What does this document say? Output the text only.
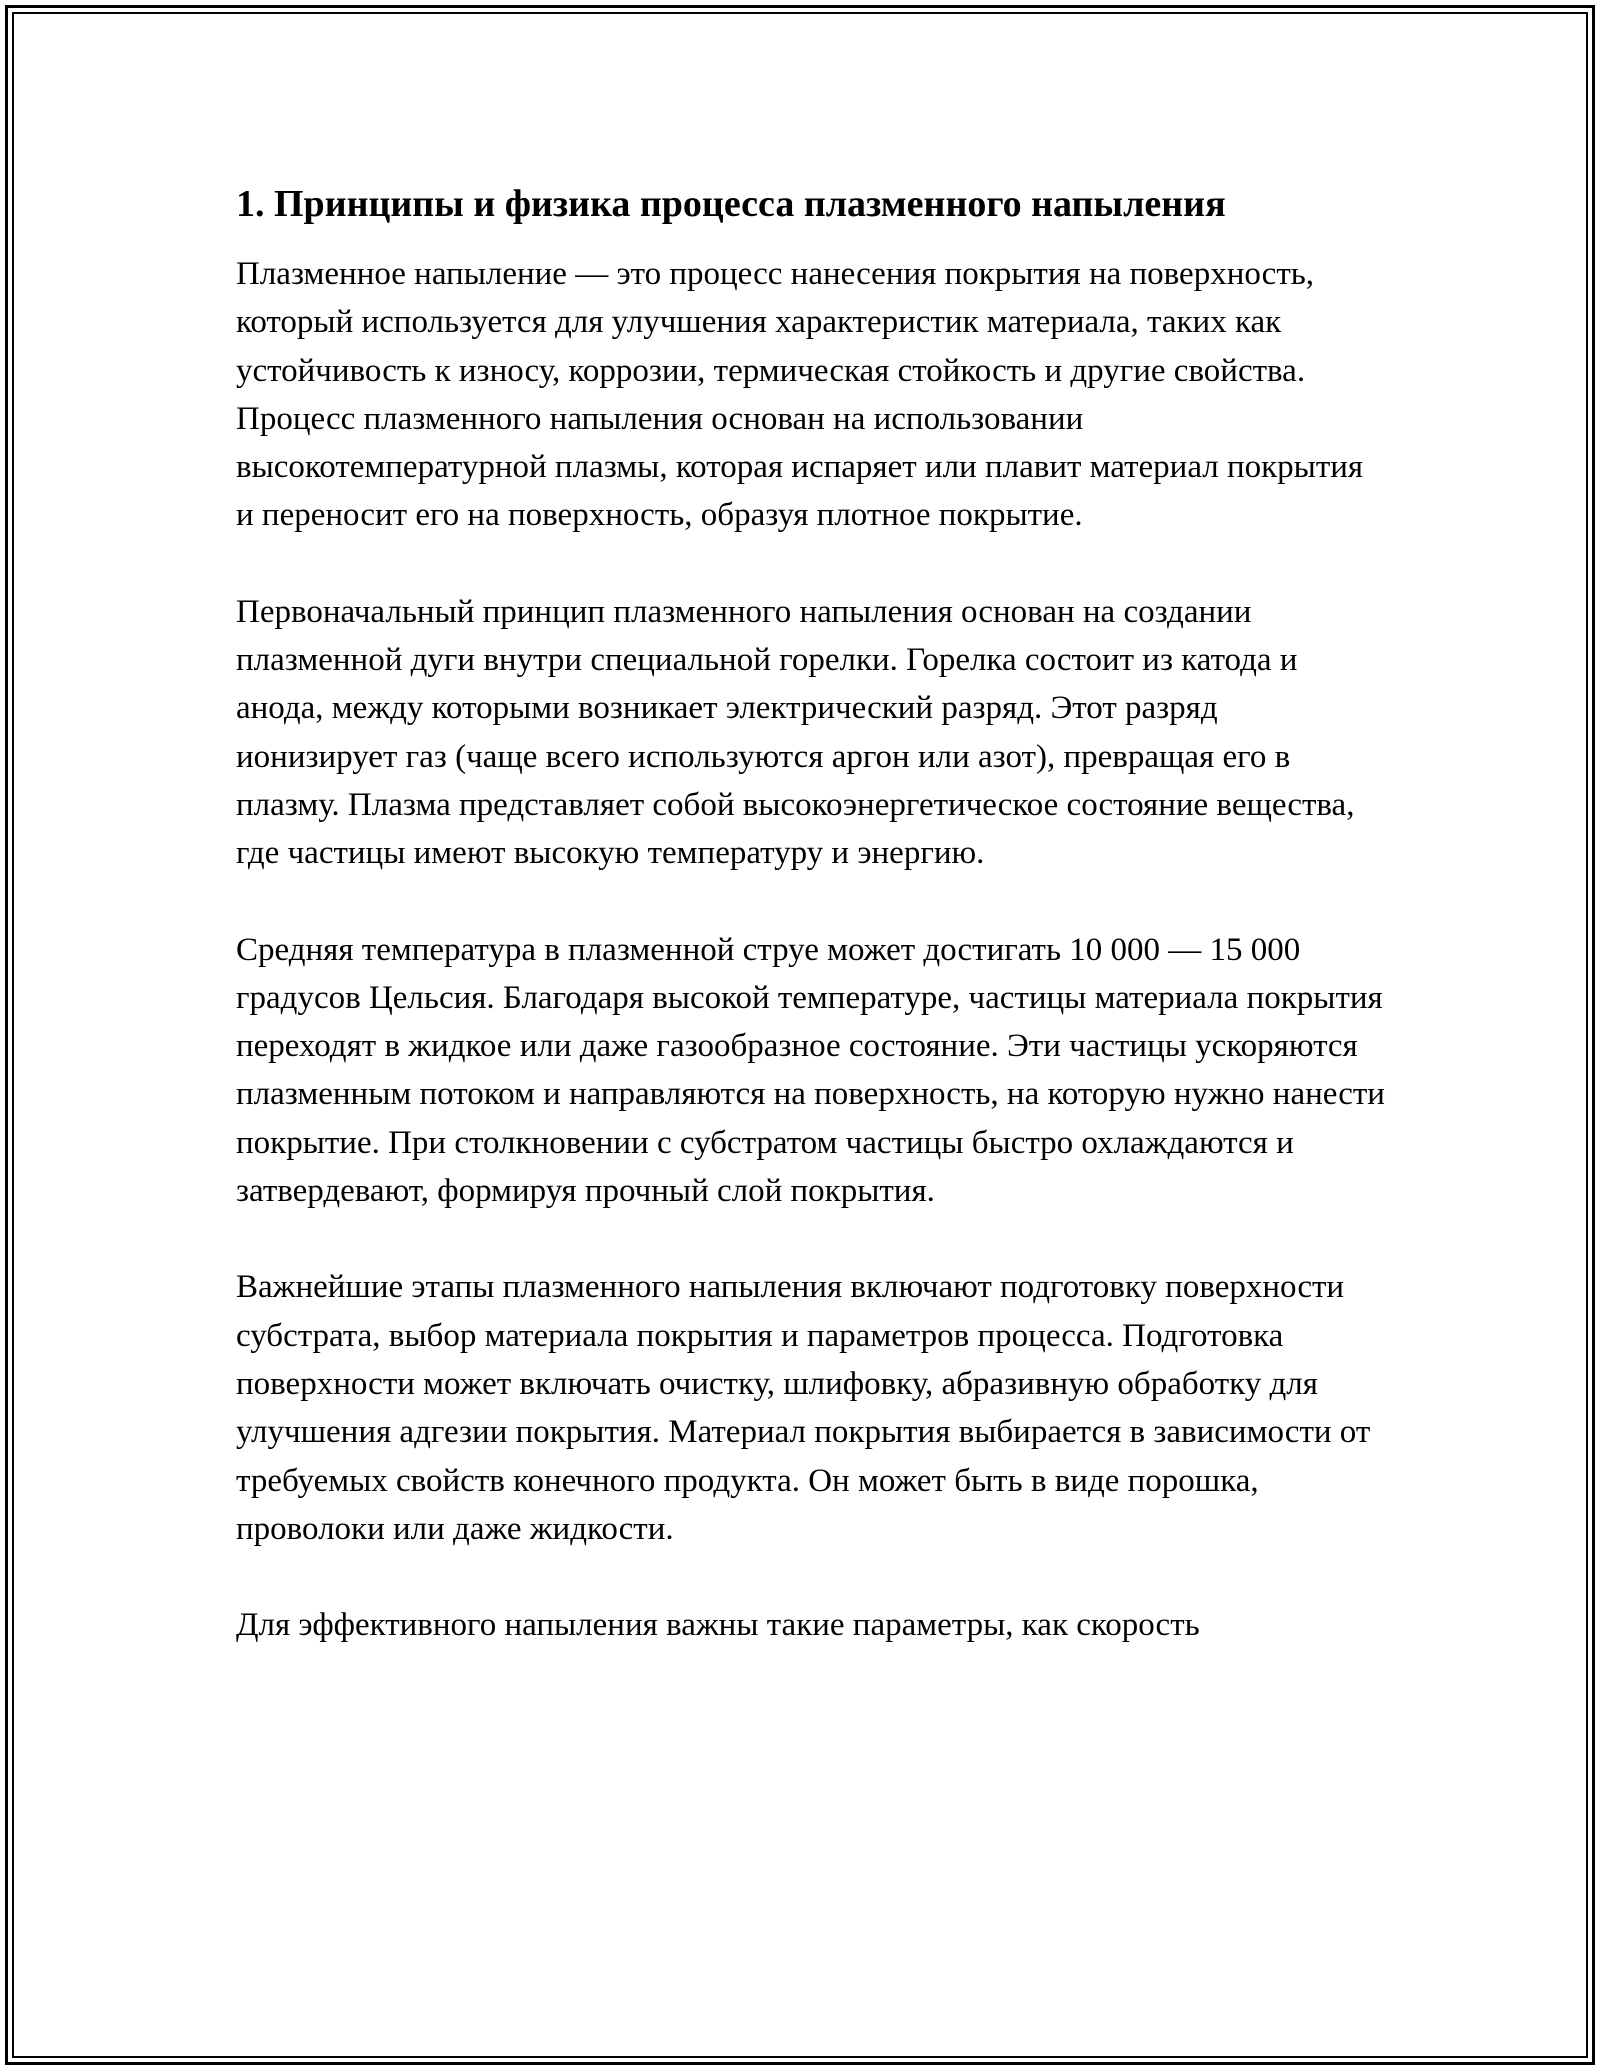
1. Принципы и физика процесса плазменного напыления

Плазменное напыление — это процесс нанесения покрытия на поверхность, который используется для улучшения характеристик материала, таких как устойчивость к износу, коррозии, термическая стойкость и другие свойства. Процесс плазменного напыления основан на использовании высокотемпературной плазмы, которая испаряет или плавит материал покрытия и переносит его на поверхность, образуя плотное покрытие.

Первоначальный принцип плазменного напыления основан на создании плазменной дуги внутри специальной горелки. Горелка состоит из катода и анода, между которыми возникает электрический разряд. Этот разряд ионизирует газ (чаще всего используются аргон или азот), превращая его в плазму. Плазма представляет собой высокоэнергетическое состояние вещества, где частицы имеют высокую температуру и энергию.

Средняя температура в плазменной струе может достигать 10 000 — 15 000 градусов Цельсия. Благодаря высокой температуре, частицы материала покрытия переходят в жидкое или даже газообразное состояние. Эти частицы ускоряются плазменным потоком и направляются на поверхность, на которую нужно нанести покрытие. При столкновении с субстратом частицы быстро охлаждаются и затвердевают, формируя прочный слой покрытия.

Важнейшие этапы плазменного напыления включают подготовку поверхности субстрата, выбор материала покрытия и параметров процесса. Подготовка поверхности может включать очистку, шлифовку, абразивную обработку для улучшения адгезии покрытия. Материал покрытия выбирается в зависимости от требуемых свойств конечного продукта. Он может быть в виде порошка, проволоки или даже жидкости.

Для эффективного напыления важны такие параметры, как скорость
